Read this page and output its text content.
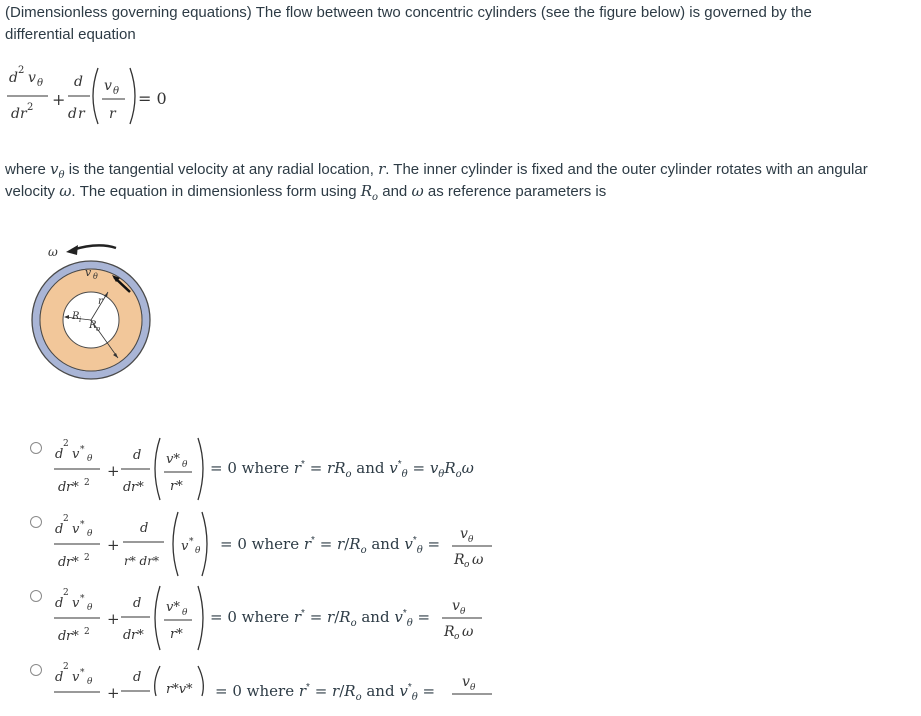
(Dimensionless governing equations) The flow between two concentric cylinders (see the figure below) is governed by the
differential equation
d 2 v θ
d r 2 +
d
d r
v θ
r
= 0
where $v_\theta$ is the tangential velocity at any radial location, r. The inner cylinder is fixed and the outer cylinder rotates with an angular
velocity ω. The equation in dimensionless form using $R_o$ and ω as reference parameters is
ω
v θ
r
R i R o
d
2
v *
θ
d r* 2
+
d
d r*
v* θ
r*
= 0 where $r^* = rR_o$ and $v^*_\theta = v_\theta R_o\omega$
d
2
v *
θ
d r* 2
+
d
r* dr*
v *
θ = 0 where $r^* = r/R_o$ and $v^*_\theta$ =
v θ
R o ω
d
2
v *
θ
d r* 2
+
d
d r*
v* θ
r*
= 0 where $r^* = r/R_o$ and $v^*_\theta$ =
v θ
R o ω
d
2
v *
θ
+
d
r*v* = 0 where $r^* = r/R_o$ and $v^*_\theta = v$ θ
